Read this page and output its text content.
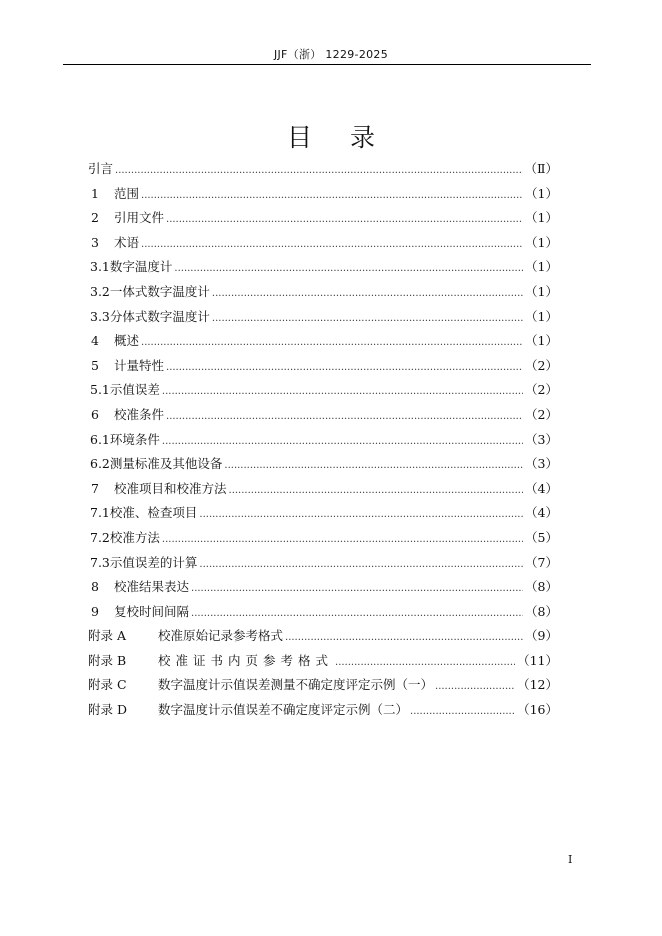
JJF（浙） 1229-2025
目录
引言 .....	（Ⅱ）
1	范围 .....	（1）
2	引用文件 .....	（1）
3	术语 .....	（1）
3.1 数字温度计 .....	（1）
3.2 一体式数字温度计 .....	（1）
3.3 分体式数字温度计 .....	（1）
4	概述 .....	（1）
5	计量特性 .....	（2）
5.1 示值误差 .....	（2）
6	校准条件 .....	（2）
6.1 环境条件 .....	（3）
6.2 测量标准及其他设备 .....	（3）
7	校准项目和校准方法 .....	（4）
7.1 校准、检查项目 .....	（4）
7.2 校准方法 .....	（5）
7.3 示值误差的计算 .....	（7）
8	校准结果表达 .....	（8）
9	复校时间间隔 .....	（8）
附录 A	校准原始记录参考格式 .....	（9）
附录 B	校准证书内页参考格式 .....	（11）
附录 C	数字温度计示值误差测量不确定度评定示例（一） .....	（12）
附录 D	数字温度计示值误差不确定度评定示例（二） .....	（16）
I
